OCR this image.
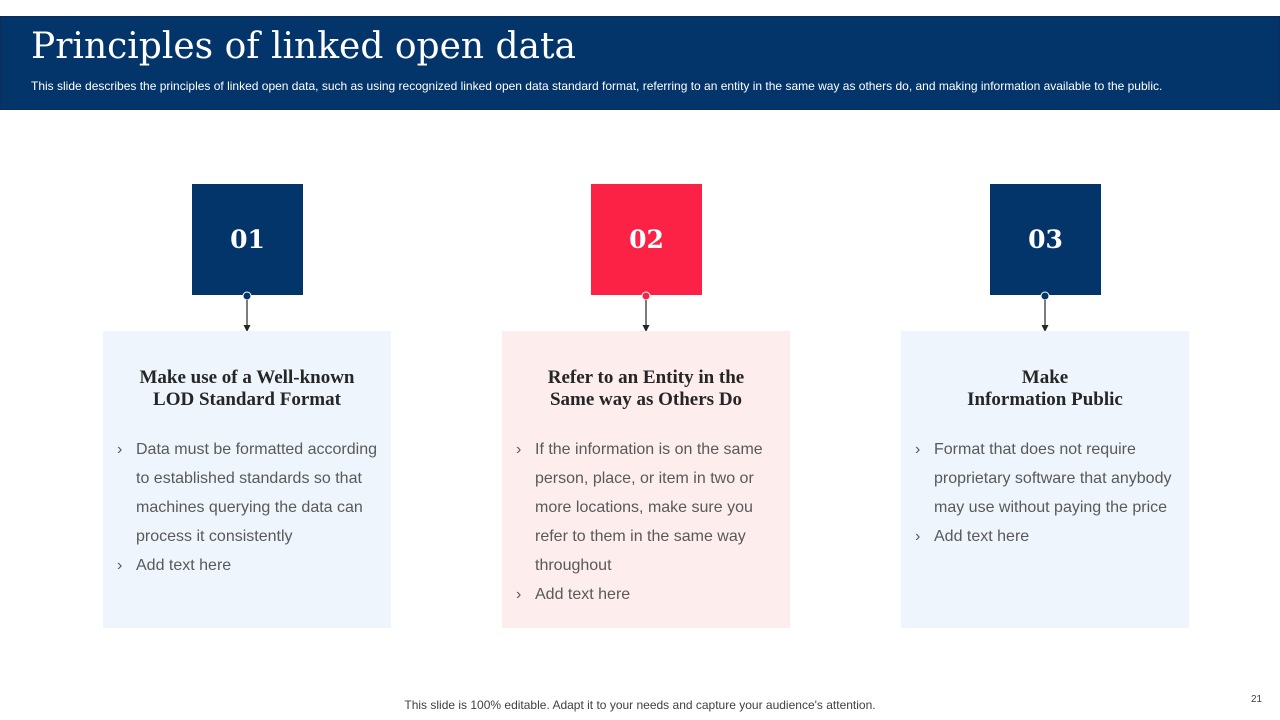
Principles of linked open data
This slide describes the principles of linked open data, such as using recognized linked open data standard format, referring to an entity in the same way as others do, and making information available to the public.
01
Make use of a Well-known
LOD Standard Format
› Data must be formatted according to established standards so that machines querying the data can process it consistently
› Add text here
02
Refer to an Entity in the
Same way as Others Do
› If the information is on the same person, place, or item in two or more locations, make sure you refer to them in the same way throughout
› Add text here
03
Make
Information Public
› Format that does not require proprietary software that anybody may use without paying the price
› Add text here
This slide is 100% editable. Adapt it to your needs and capture your audience's attention.	21
